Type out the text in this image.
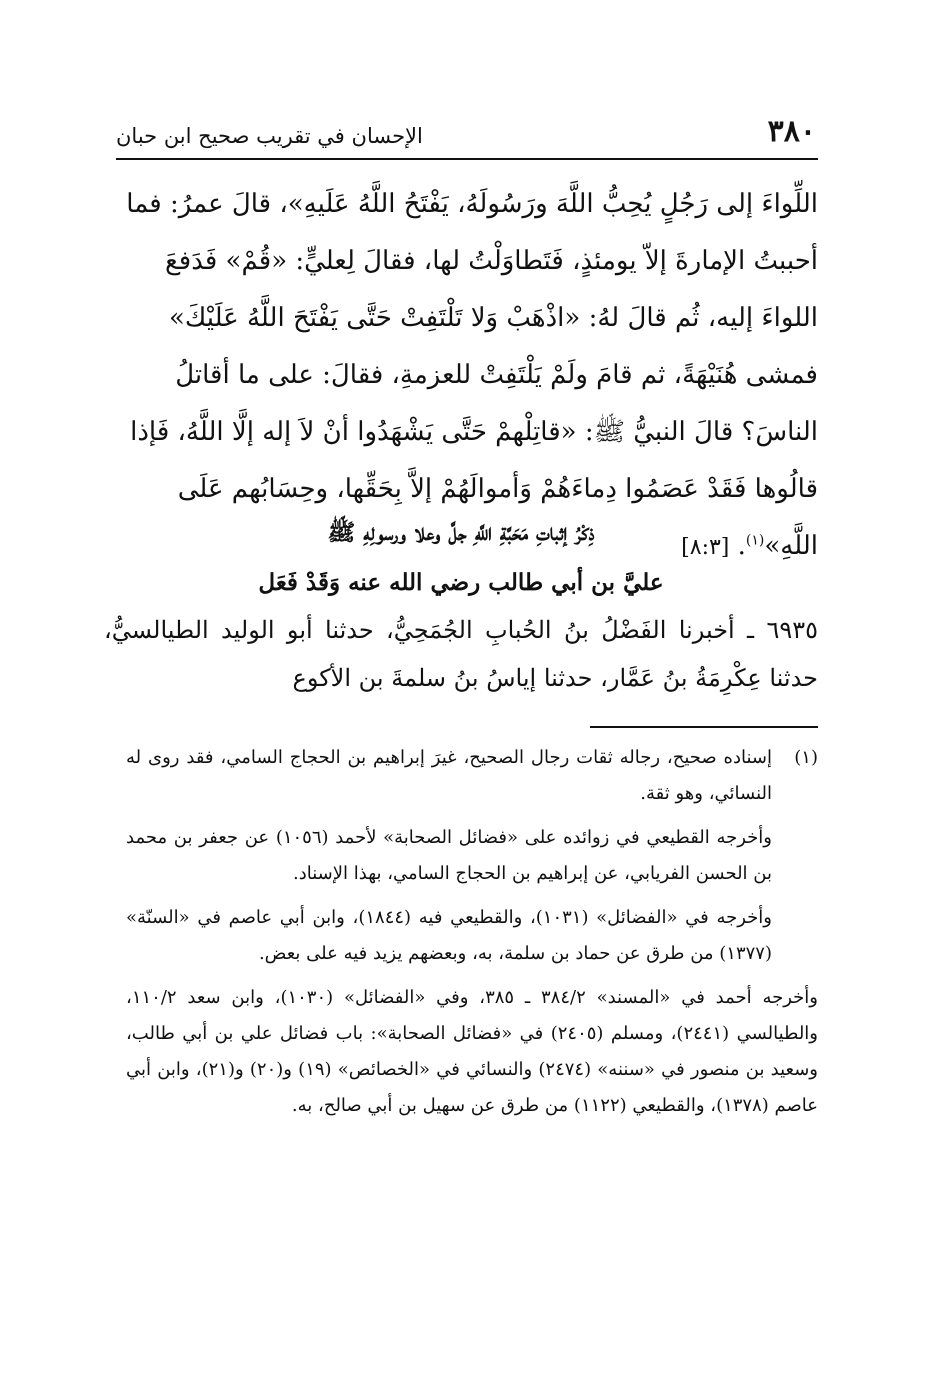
٣٨٠
الإحسان في تقريب صحيح ابن حبان

اللِّواءَ إلى رَجُلٍ يُحِبُّ اللَّهَ ورَسُولَهُ، يَفْتَحُ اللَّهُ عَلَيهِ»، قالَ عمرُ: فما أحببتُ الإمارةَ إلاّ يومئذٍ، فَتَطاوَلْتُ لها، فقالَ لِعليٍّ: «قُمْ» فَدَفعَ اللواءَ إليه، ثُم قالَ لهُ: «اذْهَبْ وَلا تَلْتَفِتْ حَتَّى يَفْتَحَ اللَّهُ عَلَيْكَ» فمشى هُنَيْهَةً، ثم قامَ ولَمْ يَلْتَفِتْ للعزمةِ، فقالَ: على ما أقاتلُ الناسَ؟ قالَ النبيُّ ﷺ: «قاتِلْهمْ حَتَّى يَشْهَدُوا أنْ لاَ إله إلَّا اللَّهُ، فَإذا قالُوها فَقَدْ عَصَمُوا دِماءَهُمْ وَأموالَهُمْ إلاَّ بِحَقِّها، وحِسَابُهم عَلَى اللَّهِ»$^{(١)}$. [٨:٣]

ذِكْرُ إثباتِ مَحَبَّةِ اللَّهِ جلَّ وعلا ورسولِهِ ﷺ
عليَّ بن أبي طالب رضي الله عنه وَقَدْ فَعَل

٦٩٣٥ ـ أخبرنا الفَضْلُ بنُ الحُبابِ الجُمَحِيُّ، حدثنا أبو الوليد الطيالسيُّ، حدثنا عِكْرِمَةُ بنُ عَمَّار، حدثنا إياسُ بنُ سلمةَ بن الأكوع

(١)
إسناده صحيح، رجاله ثقات رجال الصحيح، غيرَ إبراهيم بن الحجاج السامي، فقد روى له النسائي، وهو ثقة.
وأخرجه القطيعي في زوائده على «فضائل الصحابة» لأحمد (١٠٥٦) عن جعفر بن محمد بن الحسن الفريابي، عن إبراهيم بن الحجاج السامي، بهذا الإسناد.
وأخرجه في «الفضائل» (١٠٣١)، والقطيعي فيه (١٨٤٤)، وابن أبي عاصم في «السنّة» (١٣٧٧) من طرق عن حماد بن سلمة، به، وبعضهم يزيد فيه على بعض.
وأخرجه أحمد في «المسند» ٣٨٤/٢ ـ ٣٨٥، وفي «الفضائل» (١٠٣٠)، وابن سعد ١١٠/٢، والطيالسي (٢٤٤١)، ومسلم (٢٤٠٥) في «فضائل الصحابة»: باب فضائل علي بن أبي طالب، وسعيد بن منصور في «سننه» (٢٤٧٤) والنسائي في «الخصائص» (١٩) و(٢٠) و(٢١)، وابن أبي عاصم (١٣٧٨)، والقطيعي (١١٢٢) من طرق عن سهيل بن أبي صالح، به.
